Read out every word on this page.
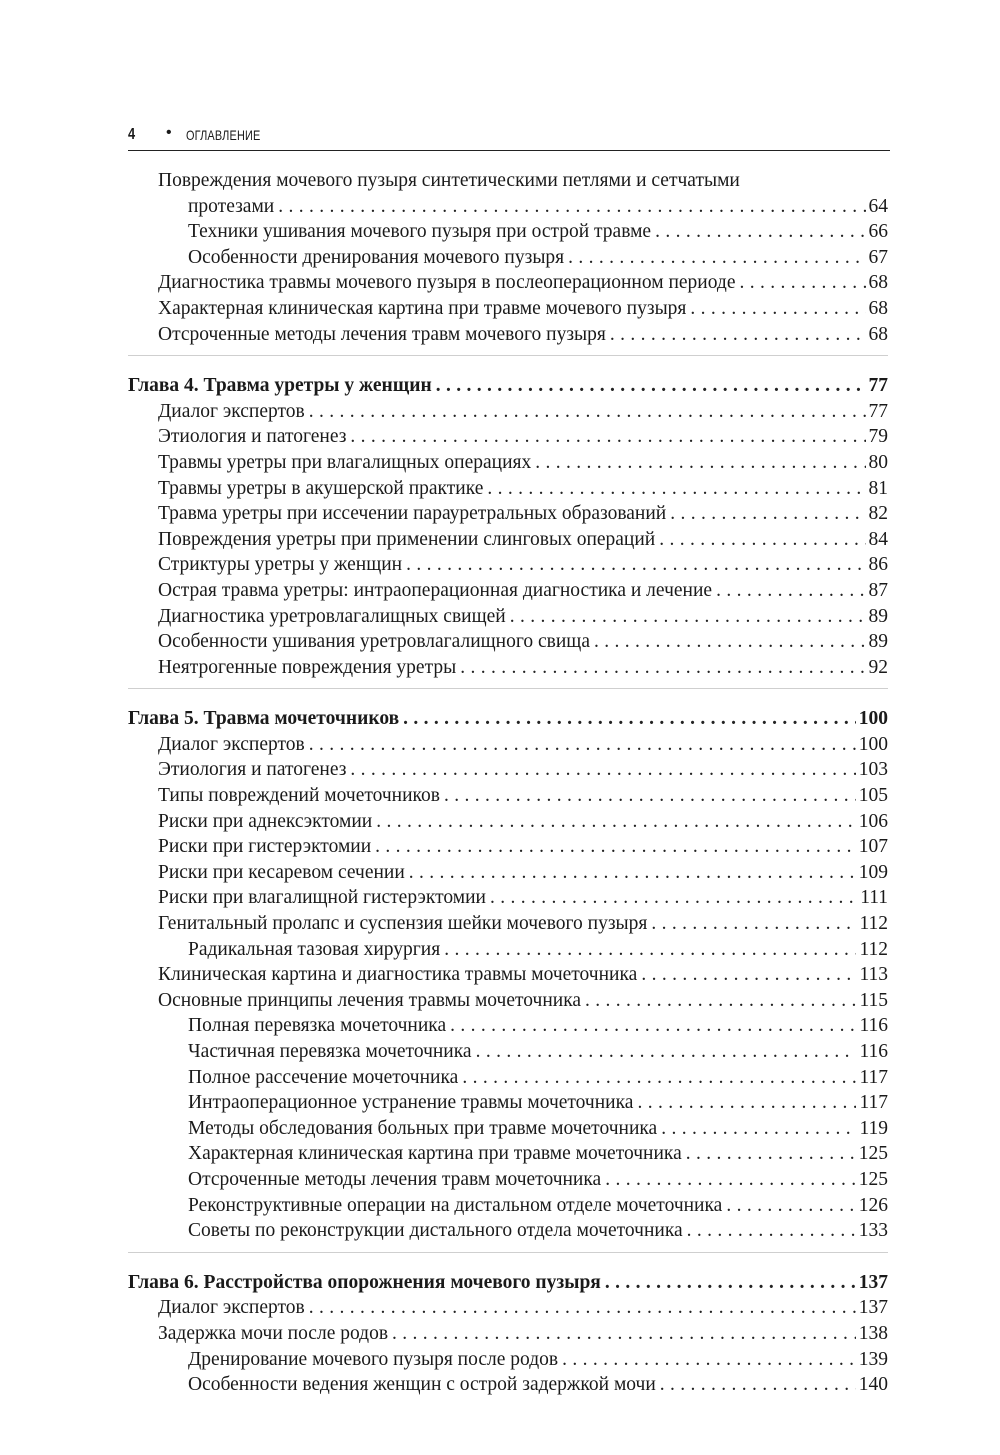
4 • ОГЛАВЛЕНИЕ
Повреждения мочевого пузыря синтетическими петлями и сетчатыми
протезами . . .	64
Техники ушивания мочевого пузыря при острой травме . . .	66
Особенности дренирования мочевого пузыря . . .	67
Диагностика травмы мочевого пузыря в послеоперационном периоде . . .	68
Характерная клиническая картина при травме мочевого пузыря . . .	68
Отсроченные методы лечения травм мочевого пузыря . . .	68
Глава 4. Травма уретры у женщин . . .	77
Диалог экспертов . . .	77
Этиология и патогенез . . .	79
Травмы уретры при влагалищных операциях . . .	80
Травмы уретры в акушерской практике . . .	81
Травма уретры при иссечении парауретральных образований . . .	82
Повреждения уретры при применении слинговых операций . . .	84
Стриктуры уретры у женщин . . .	86
Острая травма уретры: интраоперационная диагностика и лечение . . .	87
Диагностика уретровлагалищных свищей . . .	89
Особенности ушивания уретровлагалищного свища . . .	89
Неятрогенные повреждения уретры . . .	92
Глава 5. Травма мочеточников . . .	100
Диалог экспертов . . .	100
Этиология и патогенез . . .	103
Типы повреждений мочеточников . . .	105
Риски при аднексэктомии . . .	106
Риски при гистерэктомии . . .	107
Риски при кесаревом сечении . . .	109
Риски при влагалищной гистерэктомии . . .	111
Генитальный пролапс и суспензия шейки мочевого пузыря . . .	112
Радикальная тазовая хирургия . . .	112
Клиническая картина и диагностика травмы мочеточника . . .	113
Основные принципы лечения травмы мочеточника . . .	115
Полная перевязка мочеточника . . .	116
Частичная перевязка мочеточника . . .	116
Полное рассечение мочеточника . . .	117
Интраоперационное устранение травмы мочеточника . . .	117
Методы обследования больных при травме мочеточника . . .	119
Характерная клиническая картина при травме мочеточника . . .	125
Отсроченные методы лечения травм мочеточника . . .	125
Реконструктивные операции на дистальном отделе мочеточника . . .	126
Советы по реконструкции дистального отдела мочеточника . . .	133
Глава 6. Расстройства опорожнения мочевого пузыря . . .	137
Диалог экспертов . . .	137
Задержка мочи после родов . . .	138
Дренирование мочевого пузыря после родов . . .	139
Особенности ведения женщин с острой задержкой мочи . . .	140
